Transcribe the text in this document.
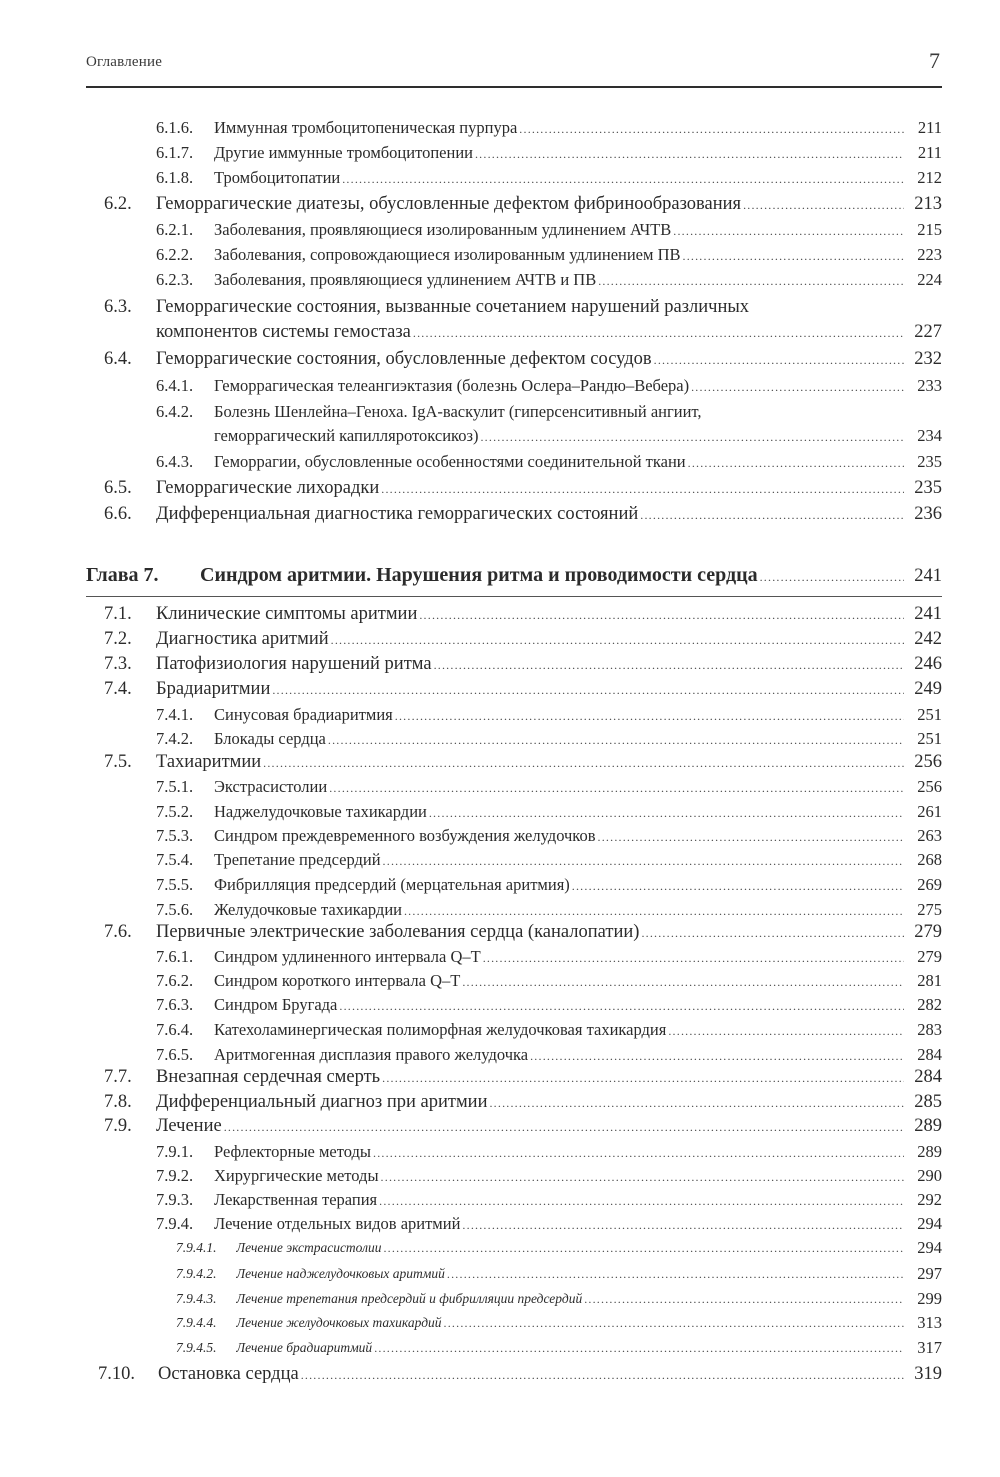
Оглавление	7
6.1.6. Иммунная тромбоцитопеническая пурпура .....	211
6.1.7. Другие иммунные тромбоцитопении .....	211
6.1.8. Тромбоцитопатии .....	212
6.2. Геморрагические диатезы, обусловленные дефектом фибринообразования .....	213
6.2.1. Заболевания, проявляющиеся изолированным удлинением АЧТВ .....	215
6.2.2. Заболевания, сопровождающиеся изолированным удлинением ПВ .....	223
6.2.3. Заболевания, проявляющиеся удлинением АЧТВ и ПВ .....	224
6.3. Геморрагические состояния, вызванные сочетанием нарушений различных
компонентов системы гемостаза .....	227
6.4. Геморрагические состояния, обусловленные дефектом сосудов .....	232
6.4.1. Геморрагическая телеангиэктазия (болезнь Ослера–Рандю–Вебера) .....	233
6.4.2. Болезнь Шенлейна–Геноха. IgA-васкулит (гиперсенситивный ангиит,
геморрагический капилляротоксикоз) .....	234
6.4.3. Геморрагии, обусловленные особенностями соединительной ткани .....	235
6.5. Геморрагические лихорадки .....	235
6.6. Дифференциальная диагностика геморрагических состояний .....	236
Глава 7. Синдром аритмии. Нарушения ритма и проводимости сердца .....	241
7.1. Клинические симптомы аритмии .....	241
7.2. Диагностика аритмий .....	242
7.3. Патофизиология нарушений ритма .....	246
7.4. Брадиаритмии .....	249
7.4.1. Синусовая брадиаритмия .....	251
7.4.2. Блокады сердца .....	251
7.5. Тахиаритмии .....	256
7.5.1. Экстрасистолии .....	256
7.5.2. Наджелудочковые тахикардии .....	261
7.5.3. Синдром преждевременного возбуждения желудочков .....	263
7.5.4. Трепетание предсердий .....	268
7.5.5. Фибрилляция предсердий (мерцательная аритмия) .....	269
7.5.6. Желудочковые тахикардии .....	275
7.6. Первичные электрические заболевания сердца (каналопатии) .....	279
7.6.1. Синдром удлиненного интервала Q–T .....	279
7.6.2. Синдром короткого интервала Q–T .....	281
7.6.3. Синдром Бругада .....	282
7.6.4. Катехоламинергическая полиморфная желудочковая тахикардия .....	283
7.6.5. Аритмогенная дисплазия правого желудочка .....	284
7.7. Внезапная сердечная смерть .....	284
7.8. Дифференциальный диагноз при аритмии .....	285
7.9. Лечение .....	289
7.9.1. Рефлекторные методы .....	289
7.9.2. Хирургические методы .....	290
7.9.3. Лекарственная терапия .....	292
7.9.4. Лечение отдельных видов аритмий .....	294
7.9.4.1. Лечение экстрасистолии .....	294
7.9.4.2. Лечение наджелудочковых аритмий .....	297
7.9.4.3. Лечение трепетания предсердий и фибрилляции предсердий .....	299
7.9.4.4. Лечение желудочковых тахикардий .....	313
7.9.4.5. Лечение брадиаритмий .....	317
7.10. Остановка сердца .....	319
